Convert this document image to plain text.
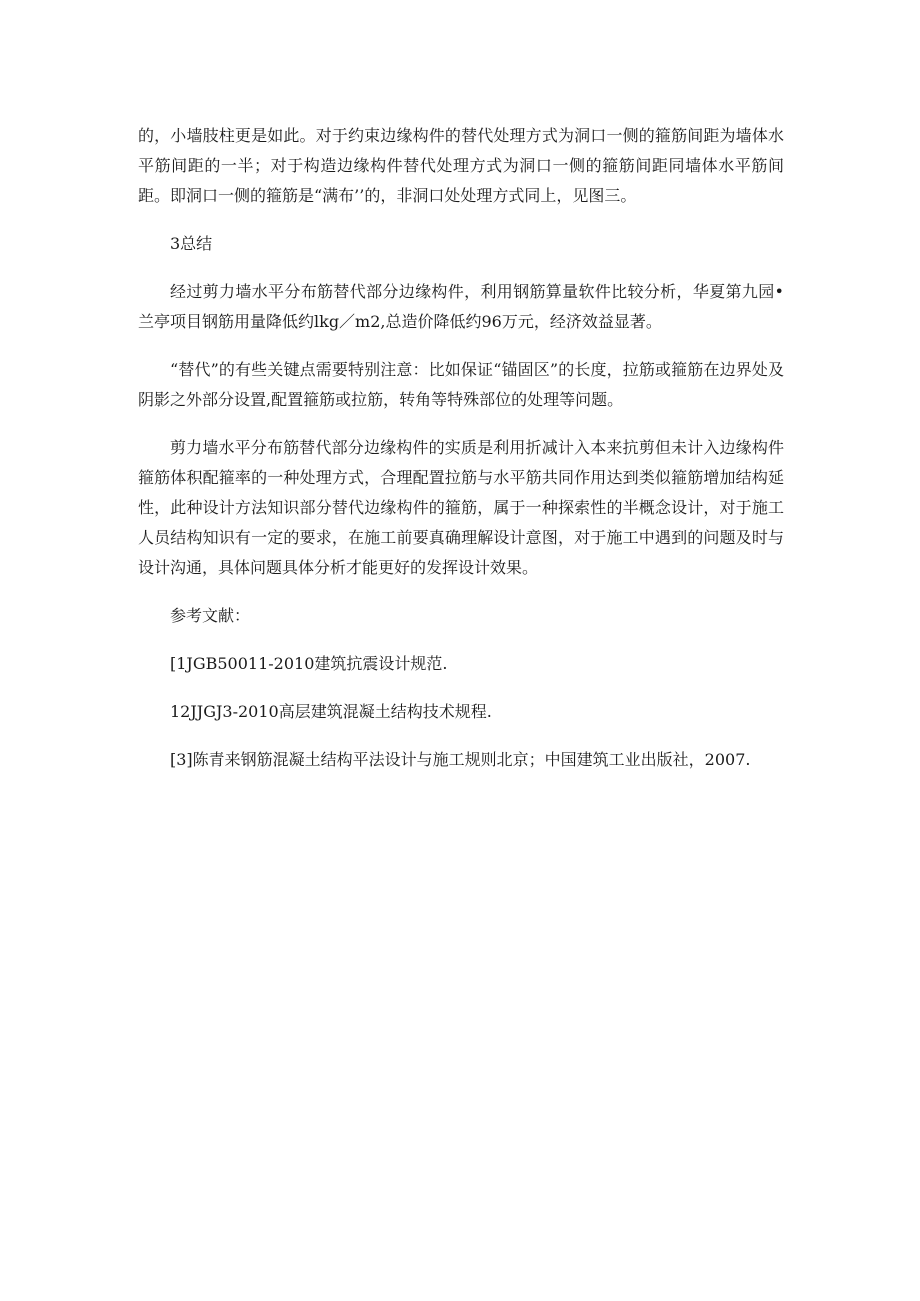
的，小墙肢柱更是如此。对于约束边缘构件的替代处理方式为洞口一侧的箍筋间距为墙体水平筋间距的一半；对于构造边缘构件替代处理方式为洞口一侧的箍筋间距同墙体水平筋间距。即洞口一侧的箍筋是“满布’’的，非洞口处处理方式同上，见图三。

3总结

经过剪力墙水平分布筋替代部分边缘构件，利用钢筋算量软件比较分析，华夏第九园•兰亭项目钢筋用量降低约lkg／m2,总造价降低约96万元，经济效益显著。

“替代”的有些关键点需要特别注意：比如保证“锚固区”的长度，拉筋或箍筋在边界处及阴影之外部分设置,配置箍筋或拉筋，转角等特殊部位的处理等问题。

剪力墙水平分布筋替代部分边缘构件的实质是利用折减计入本来抗剪但未计入边缘构件箍筋体积配箍率的一种处理方式，合理配置拉筋与水平筋共同作用达到类似箍筋增加结构延性，此种设计方法知识部分替代边缘构件的箍筋，属于一种探索性的半概念设计，对于施工人员结构知识有一定的要求，在施工前要真确理解设计意图，对于施工中遇到的问题及时与设计沟通，具体问题具体分析才能更好的发挥设计效果。

参考文献：

[1JGB50011-2010建筑抗震设计规范.

12JJGJ3-2010高层建筑混凝土结构技术规程.

[3]陈青来钢筋混凝土结构平法设计与施工规则北京；中国建筑工业出版社，2007.
